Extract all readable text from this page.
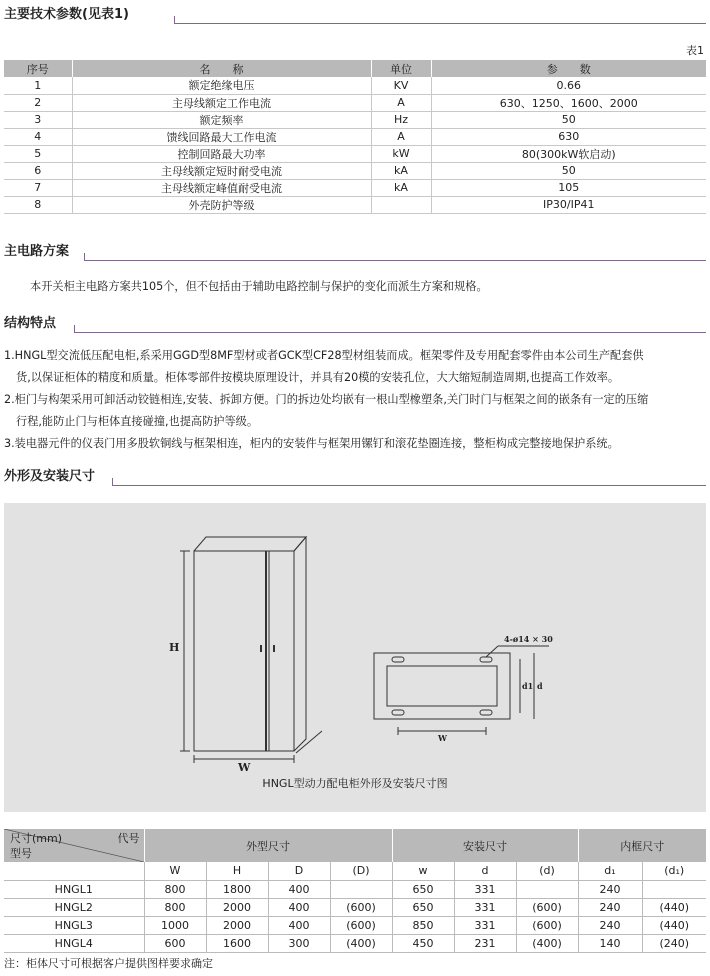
主要技术参数(见表1)
表1
序号	名　　称	单位	参　　数
1	额定绝缘电压	KV	0.66
2	主母线额定工作电流	A	630、1250、1600、2000
3	额定频率	Hz	50
4	馈线回路最大工作电流	A	630
5	控制回路最大功率	kW	80(300kW软启动)
6	主母线额定短时耐受电流	kA	50
7	主母线额定峰值耐受电流	kA	105
8	外壳防护等级		IP30/IP41
主电路方案
本开关柜主电路方案共105个，但不包括由于辅助电路控制与保护的变化而派生方案和规格。
结构特点
1.HNGL型交流低压配电柜,系采用GGD型8MF型材或者GCK型CF28型材组装而成。框架零件及专用配套零件由本公司生产配套供
货,以保证柜体的精度和质量。柜体零部件按模块原理设计，并具有20模的安装孔位，大大缩短制造周期,也提高工作效率。
2.柜门与构架采用可卸活动铰链相连,安装、拆卸方便。门的拆边处均嵌有一根山型橡塑条,关门时门与框架之间的嵌条有一定的压缩
行程,能防止门与柜体直接碰撞,也提高防护等级。
3.装电器元件的仪表门用多股软铜线与框架相连，柜内的安装件与框架用镙钉和滚花垫圈连接，整柜构成完整接地保护系统。
外形及安装尺寸
H
W
4-ø14 × 30
W
d1 d
HNGL型动力配电柜外形及安装尺寸图
尺寸(mm) 代号
型号	外型尺寸				安装尺寸			内框尺寸	
	W	H	D	(D)	w	d	(d)	d₁	(d₁)
HNGL1	800	1800	400		650	331		240	
HNGL2	800	2000	400	(600)	650	331	(600)	240	(440)
HNGL3	1000	2000	400	(600)	850	331	(600)	240	(440)
HNGL4	600	1600	300	(400)	450	231	(400)	140	(240)
注：柜体尺寸可根据客户提供图样要求确定
